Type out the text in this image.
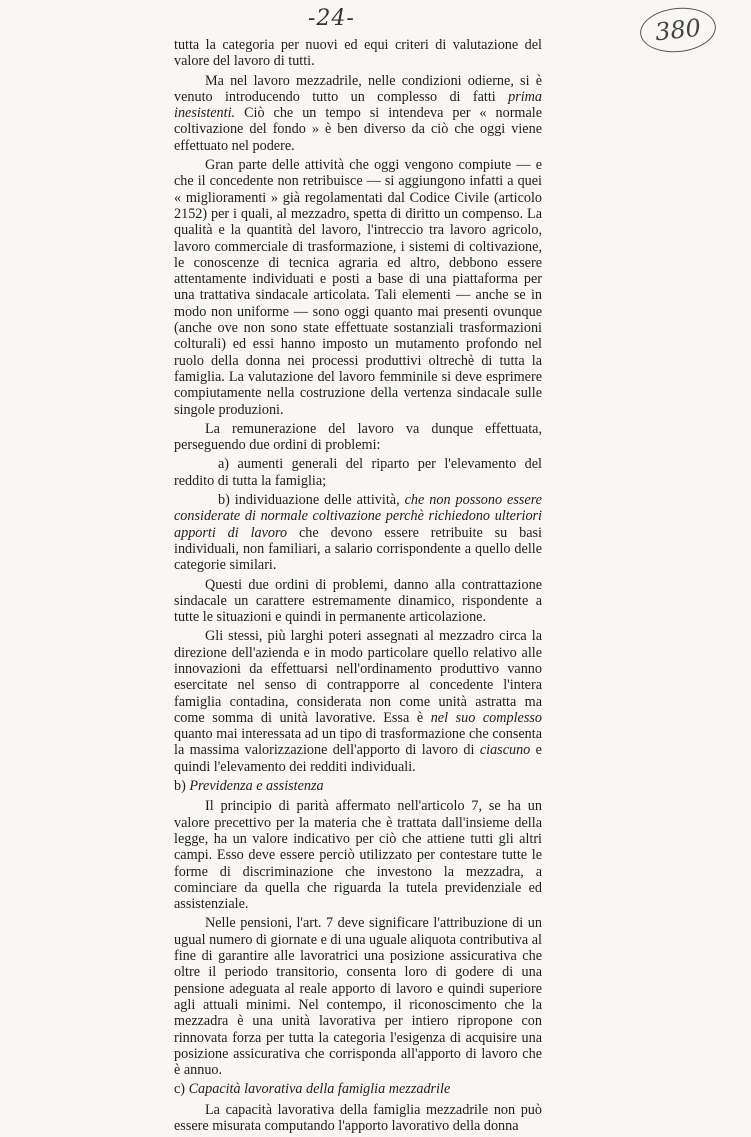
-24-	380

tutta la categoria per nuovi ed equi criteri di valutazione del valore del lavoro di tutti.

Ma nel lavoro mezzadrile, nelle condizioni odierne, si è venuto introducendo tutto un complesso di fatti prima inesistenti. Ciò che un tempo si intendeva per « normale coltivazione del fondo » è ben diverso da ciò che oggi viene effettuato nel podere.

Gran parte delle attività che oggi vengono compiute — e che il concedente non retribuisce — si aggiungono infatti a quei « miglioramenti » già regolamentati dal Codice Civile (articolo 2152) per i quali, al mezzadro, spetta di diritto un compenso. La qualità e la quantità del lavoro, l'intreccio tra lavoro agricolo, lavoro commerciale di trasformazione, i sistemi di coltivazione, le conoscenze di tecnica agraria ed altro, debbono essere attentamente individuati e posti a base di una piattaforma per una trattativa sindacale articolata. Tali elementi — anche se in modo non uniforme — sono oggi quanto mai presenti ovunque (anche ove non sono state effettuate sostanziali trasformazioni colturali) ed essi hanno imposto un mutamento profondo nel ruolo della donna nei processi produttivi oltrechè di tutta la famiglia. La valutazione del lavoro femminile si deve esprimere compiutamente nella costruzione della vertenza sindacale sulle singole produzioni.

La remunerazione del lavoro va dunque effettuata, perseguendo due ordini di problemi:

a) aumenti generali del riparto per l'elevamento del reddito di tutta la famiglia;

b) individuazione delle attività, che non possono essere considerate di normale coltivazione perchè richiedono ulteriori apporti di lavoro che devono essere retribuite su basi individuali, non familiari, a salario corrispondente a quello delle categorie similari.

Questi due ordini di problemi, danno alla contrattazione sindacale un carattere estremamente dinamico, rispondente a tutte le situazioni e quindi in permanente articolazione.

Gli stessi, più larghi poteri assegnati al mezzadro circa la direzione dell'azienda e in modo particolare quello relativo alle innovazioni da effettuarsi nell'ordinamento produttivo vanno esercitate nel senso di contrapporre al concedente l'intera famiglia contadina, considerata non come unità astratta ma come somma di unità lavorative. Essa è nel suo complesso quanto mai interessata ad un tipo di trasformazione che consenta la massima valorizzazione dell'apporto di lavoro di ciascuno e quindi l'elevamento dei redditi individuali.

b) Previdenza e assistenza

Il principio di parità affermato nell'articolo 7, se ha un valore precettivo per la materia che è trattata dall'insieme della legge, ha un valore indicativo per ciò che attiene tutti gli altri campi. Esso deve essere perciò utilizzato per contestare tutte le forme di discriminazione che investono la mezzadra, a cominciare da quella che riguarda la tutela previdenziale ed assistenziale.

Nelle pensioni, l'art. 7 deve significare l'attribuzione di un ugual numero di giornate e di una uguale aliquota contributiva al fine di garantire alle lavoratrici una posizione assicurativa che oltre il periodo transitorio, consenta loro di godere di una pensione adeguata al reale apporto di lavoro e quindi superiore agli attuali minimi. Nel contempo, il riconoscimento che la mezzadra è una unità lavorativa per intiero ripropone con rinnovata forza per tutta la categoria l'esigenza di acquisire una posizione assicurativa che corrisponda all'apporto di lavoro che è annuo.

c) Capacità lavorativa della famiglia mezzadrile

La capacità lavorativa della famiglia mezzadrile non può essere misurata computando l'apporto lavorativo della donna
